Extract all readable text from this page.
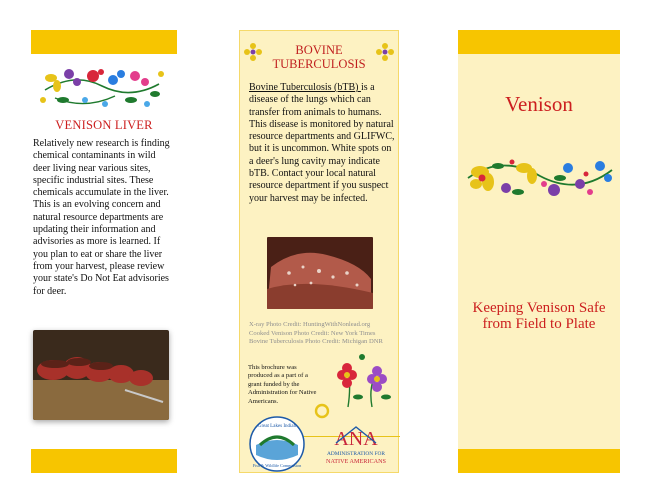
VENISON LIVER
Relatively new research is finding chemical contaminants in wild deer living near various sites, specific industrial sites. These chemicals accumulate in the liver. This is an evolving concern and natural resource departments are updating their information and advisories as more is learned. If you plan to eat or share the liver from your harvest, please review your state's Do Not Eat advisories for deer.
BOVINE TUBERCULOSIS
Bovine Tuberculosis (bTB) is a disease of the lungs which can transfer from animals to humans. This disease is monitored by natural resource departments and GLIFWC, but it is uncommon. White spots on a deer's lung cavity may indicate bTB. Contact your local natural resource department if you suspect your harvest may be infected.
X-ray Photo Credit: HuntingWithNonlead.org
Cooked Venison Photo Credit: New York Times
Bovine Tuberculosis Photo Credit: Michigan DNR
This brochure was produced as a part of a grant funded by the Administration for Native Americans.
Great Lakes Indian
Fish & Wildlife Commission
ANA
ADMINISTRATION FOR
NATIVE AMERICANS
Venison
Keeping Venison Safe from Field to Plate
